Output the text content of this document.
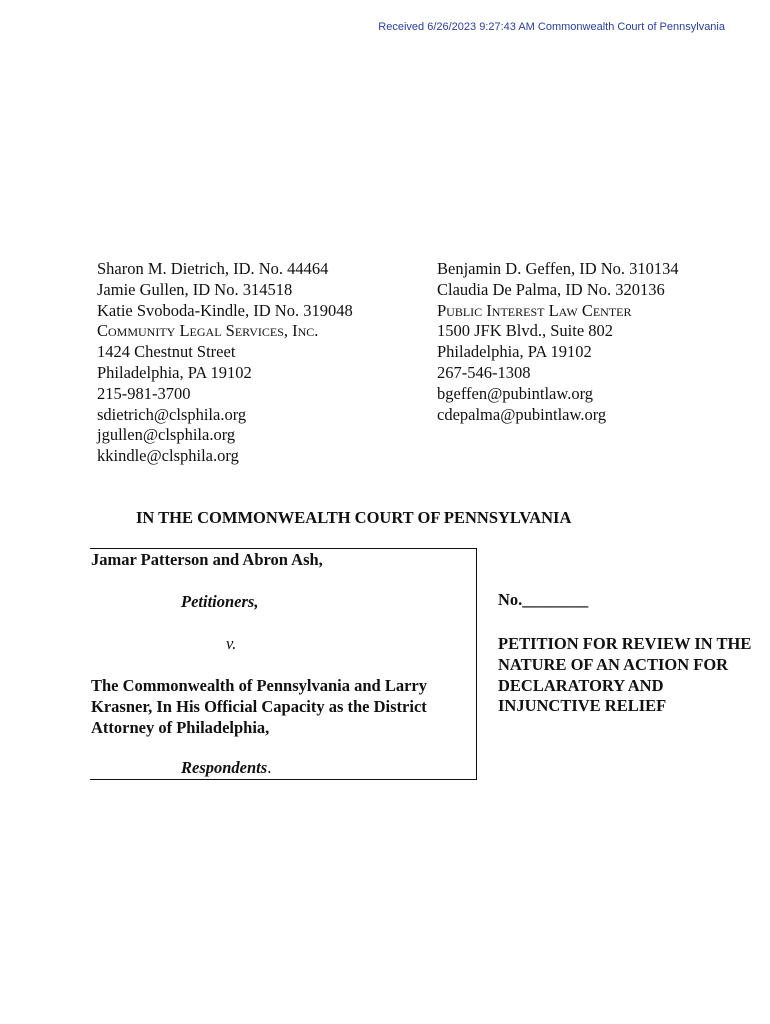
Received 6/26/2023 9:27:43 AM Commonwealth Court of Pennsylvania
Sharon M. Dietrich, ID. No. 44464
Jamie Gullen, ID No. 314518
Katie Svoboda-Kindle, ID No. 319048
Community Legal Services, Inc.
1424 Chestnut Street
Philadelphia, PA 19102
215-981-3700
sdietrich@clsphila.org
jgullen@clsphila.org
kkindle@clsphila.org
Benjamin D. Geffen, ID No. 310134
Claudia De Palma, ID No. 320136
Public Interest Law Center
1500 JFK Blvd., Suite 802
Philadelphia, PA 19102
267-546-1308
bgeffen@pubintlaw.org
cdepalma@pubintlaw.org
IN THE COMMONWEALTH COURT OF PENNSYLVANIA
Jamar Patterson and Abron Ash,
Petitioners,
v.
The Commonwealth of Pennsylvania and Larry Krasner, In His Official Capacity as the District Attorney of Philadelphia,
Respondents.
No.________
PETITION FOR REVIEW IN THE NATURE OF AN ACTION FOR DECLARATORY AND INJUNCTIVE RELIEF
